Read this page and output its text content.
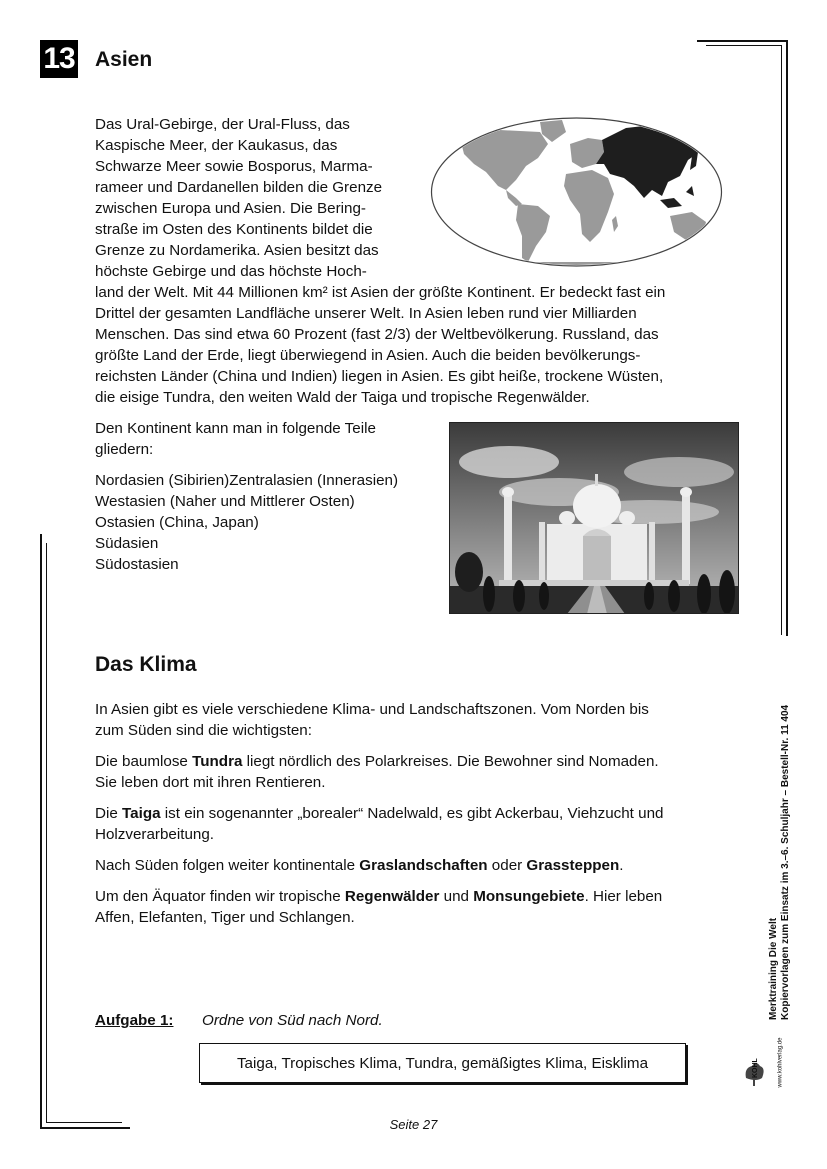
13 Asien

Das Ural-Gebirge, der Ural-Fluss, das

Kaspische Meer, der Kaukasus, das

Schwarze Meer sowie Bosporus, Marma-

rameer und Dardanellen bilden die Grenze

zwischen Europa und Asien. Die Bering-

straße im Osten des Kontinents bildet die

Grenze zu Nordamerika. Asien besitzt das

höchste Gebirge und das höchste Hoch-

land der Welt. Mit 44 Millionen km² ist Asien der größte Kontinent. Er bedeckt fast ein

Drittel der gesamten Landfläche unserer Welt. In Asien leben rund vier Milliarden

Menschen. Das sind etwa 60 Prozent (fast 2/3) der Weltbevölkerung. Russland, das

größte Land der Erde, liegt überwiegend in Asien. Auch die beiden bevölkerungs-

reichsten Länder (China und Indien) liegen in Asien. Es gibt heiße, trockene Wüsten,

die eisige Tundra, den weiten Wald der Taiga und tropische Regenwälder.

Den Kontinent kann man in folgende Teile

gliedern:

Nordasien (Sibirien)Zentralasien (Innerasien)

Westasien (Naher und Mittlerer Osten)

Ostasien (China, Japan)

Südasien

Südostasien

Das Klima

In Asien gibt es viele verschiedene Klima- und Landschaftszonen. Vom Norden bis

zum Süden sind die wichtigsten:

Die baumlose Tundra liegt nördlich des Polarkreises. Die Bewohner sind Nomaden.

Sie leben dort mit ihren Rentieren.

Die Taiga ist ein sogenannter „borealer“ Nadelwald, es gibt Ackerbau, Viehzucht und

Holzverarbeitung.

Nach Süden folgen weiter kontinentale Graslandschaften oder Grassteppen.

Um den Äquator finden wir tropische Regenwälder und Monsungebiete. Hier leben

Affen, Elefanten, Tiger und Schlangen.

Aufgabe 1: Ordne von Süd nach Nord.
Taiga, Tropisches Klima, Tundra, gemäßigtes Klima, Eisklima
Merktraining Die Welt Kopiervorlagen zum Einsatz im 3.–6. Schuljahr – Bestell-Nr. 11 404
KOHL	www.kohlverlag.de
Seite 27
